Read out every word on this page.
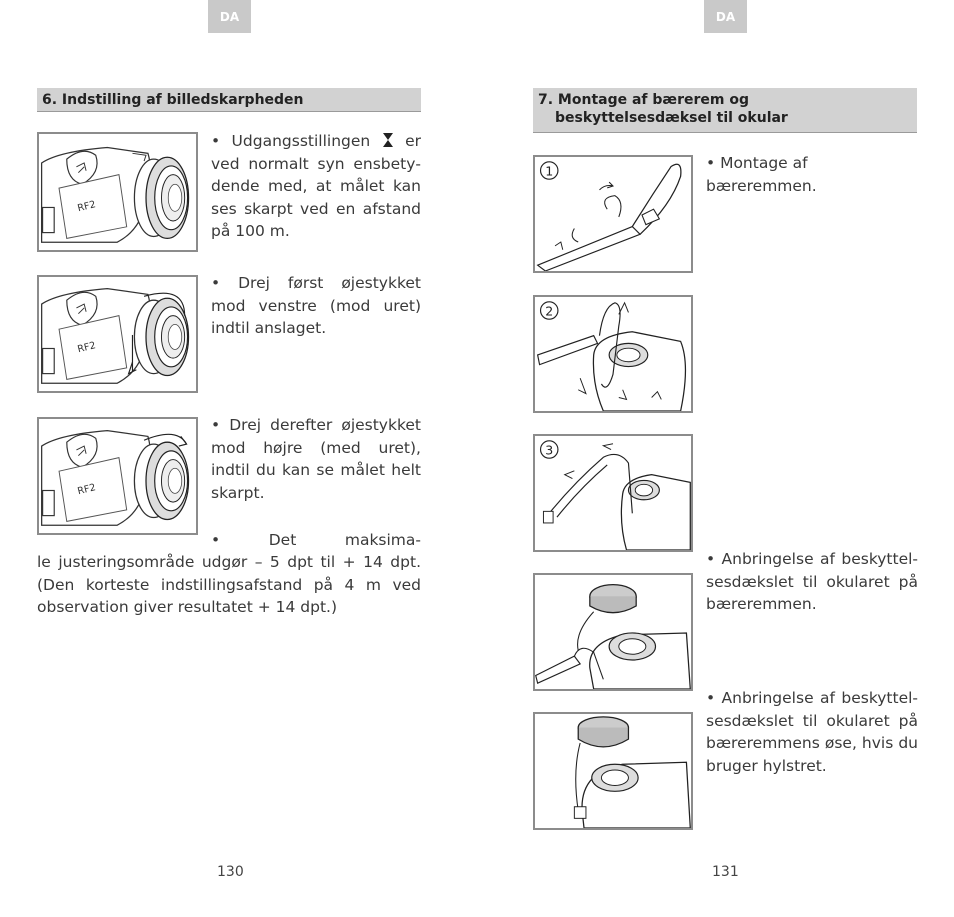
DA	DA
6. Indstilling af billedskarpheden
RF2
• Udgangsstillingen er ved normalt syn ensbetydende med, at målet kan ses skarpt ved en afstand på 100 m.
RF2
• Drej først øjestykket mod venstre (mod uret) indtil anslaget.
RF2
• Drej derefter øjestykket mod højre (med uret), indtil du kan se målet helt skarpt.
• Det maksima-
le justeringsområde udgør – 5 dpt til + 14 dpt. (Den korteste indstillingsafstand på 4 m ved observation giver resultatet + 14 dpt.)
130
7. Montage af bærerem og
beskyttelsesdæksel til okular
1	• Montage af bæreremmen.
2
3
• Anbringelse af beskyttelsesdækslet til okularet på bæreremmen.
• Anbringelse af beskyttelsesdækslet til okularet på bæreremmens øse, hvis du bruger hylstret.
131
